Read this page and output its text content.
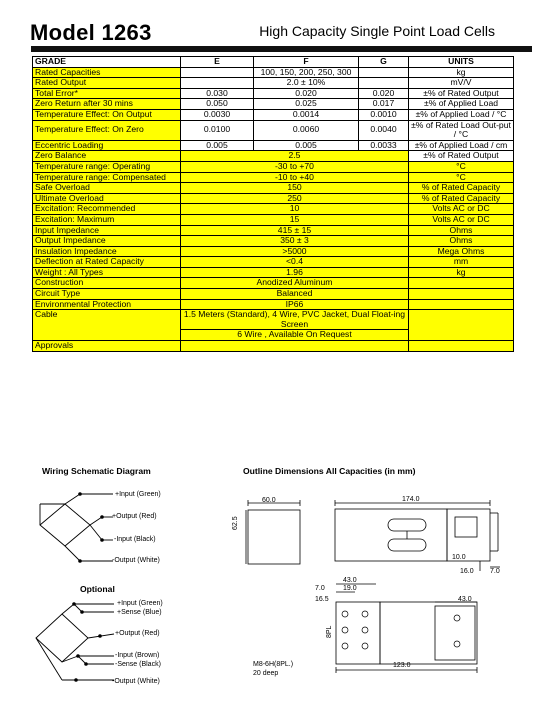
Model 1263	High Capacity Single Point Load Cells
GRADE	E	F	G	UNITS
Rated Capacities		100, 150, 200, 250, 300		kg
Rated Output		2.0 ± 10%		mV/V
Total Error*	0.030	0.020	0.020	±% of Rated Output
Zero Return after 30 mins	0.050	0.025	0.017	±% of Applied Load
Temperature Effect: On Output	0.0030	0.0014	0.0010	±% of Applied Load / °C
Temperature Effect: On Zero	0.0100	0.0060	0.0040	±% of Rated Load Out-put / °C
Eccentric Loading	0.005	0.005	0.0033	±% of Applied Load / cm
Zero Balance	2.5			±% of Rated Output
Temperature range: Operating	-30 to +70			°C
Temperature range: Compensated	-10 to +40			°C
Safe Overload	150			% of Rated Capacity
Ultimate Overload	250			% of Rated Capacity
Excitation: Recommended	10			Volts AC or DC
Excitation: Maximum	15			Volts AC or DC
Input Impedance	415 ± 15			Ohms
Output Impedance	350 ± 3			Ohms
Insulation Impedance	>5000			Mega Ohms
Deflection at Rated Capacity	<0.4			mm
Weight : All Types	1.96			kg
Construction	Anodized Aluminum			
Circuit Type	Balanced			
Environmental Protection	IP66			
Cable	1.5 Meters (Standard), 4 Wire, PVC Jacket, Dual Float-ing Screen			
	6 Wire , Available On Request			
Approvals				
Wiring Schematic Diagram
+Input (Green)
+Output (Red)
-Input (Black)
-Output (White)
Optional
+Input (Green)
+Sense (Blue)
+Output (Red)
-Input (Brown)
-Sense (Black)
-Output (White)
Outline Dimensions All Capacities (in mm)
60.0
62.5
174.0
10.0
16.0 7.0
43.0
7.0	19.0
16.5	43.0
8PL
123.0
M8-6H(8PL.)
20 deep
